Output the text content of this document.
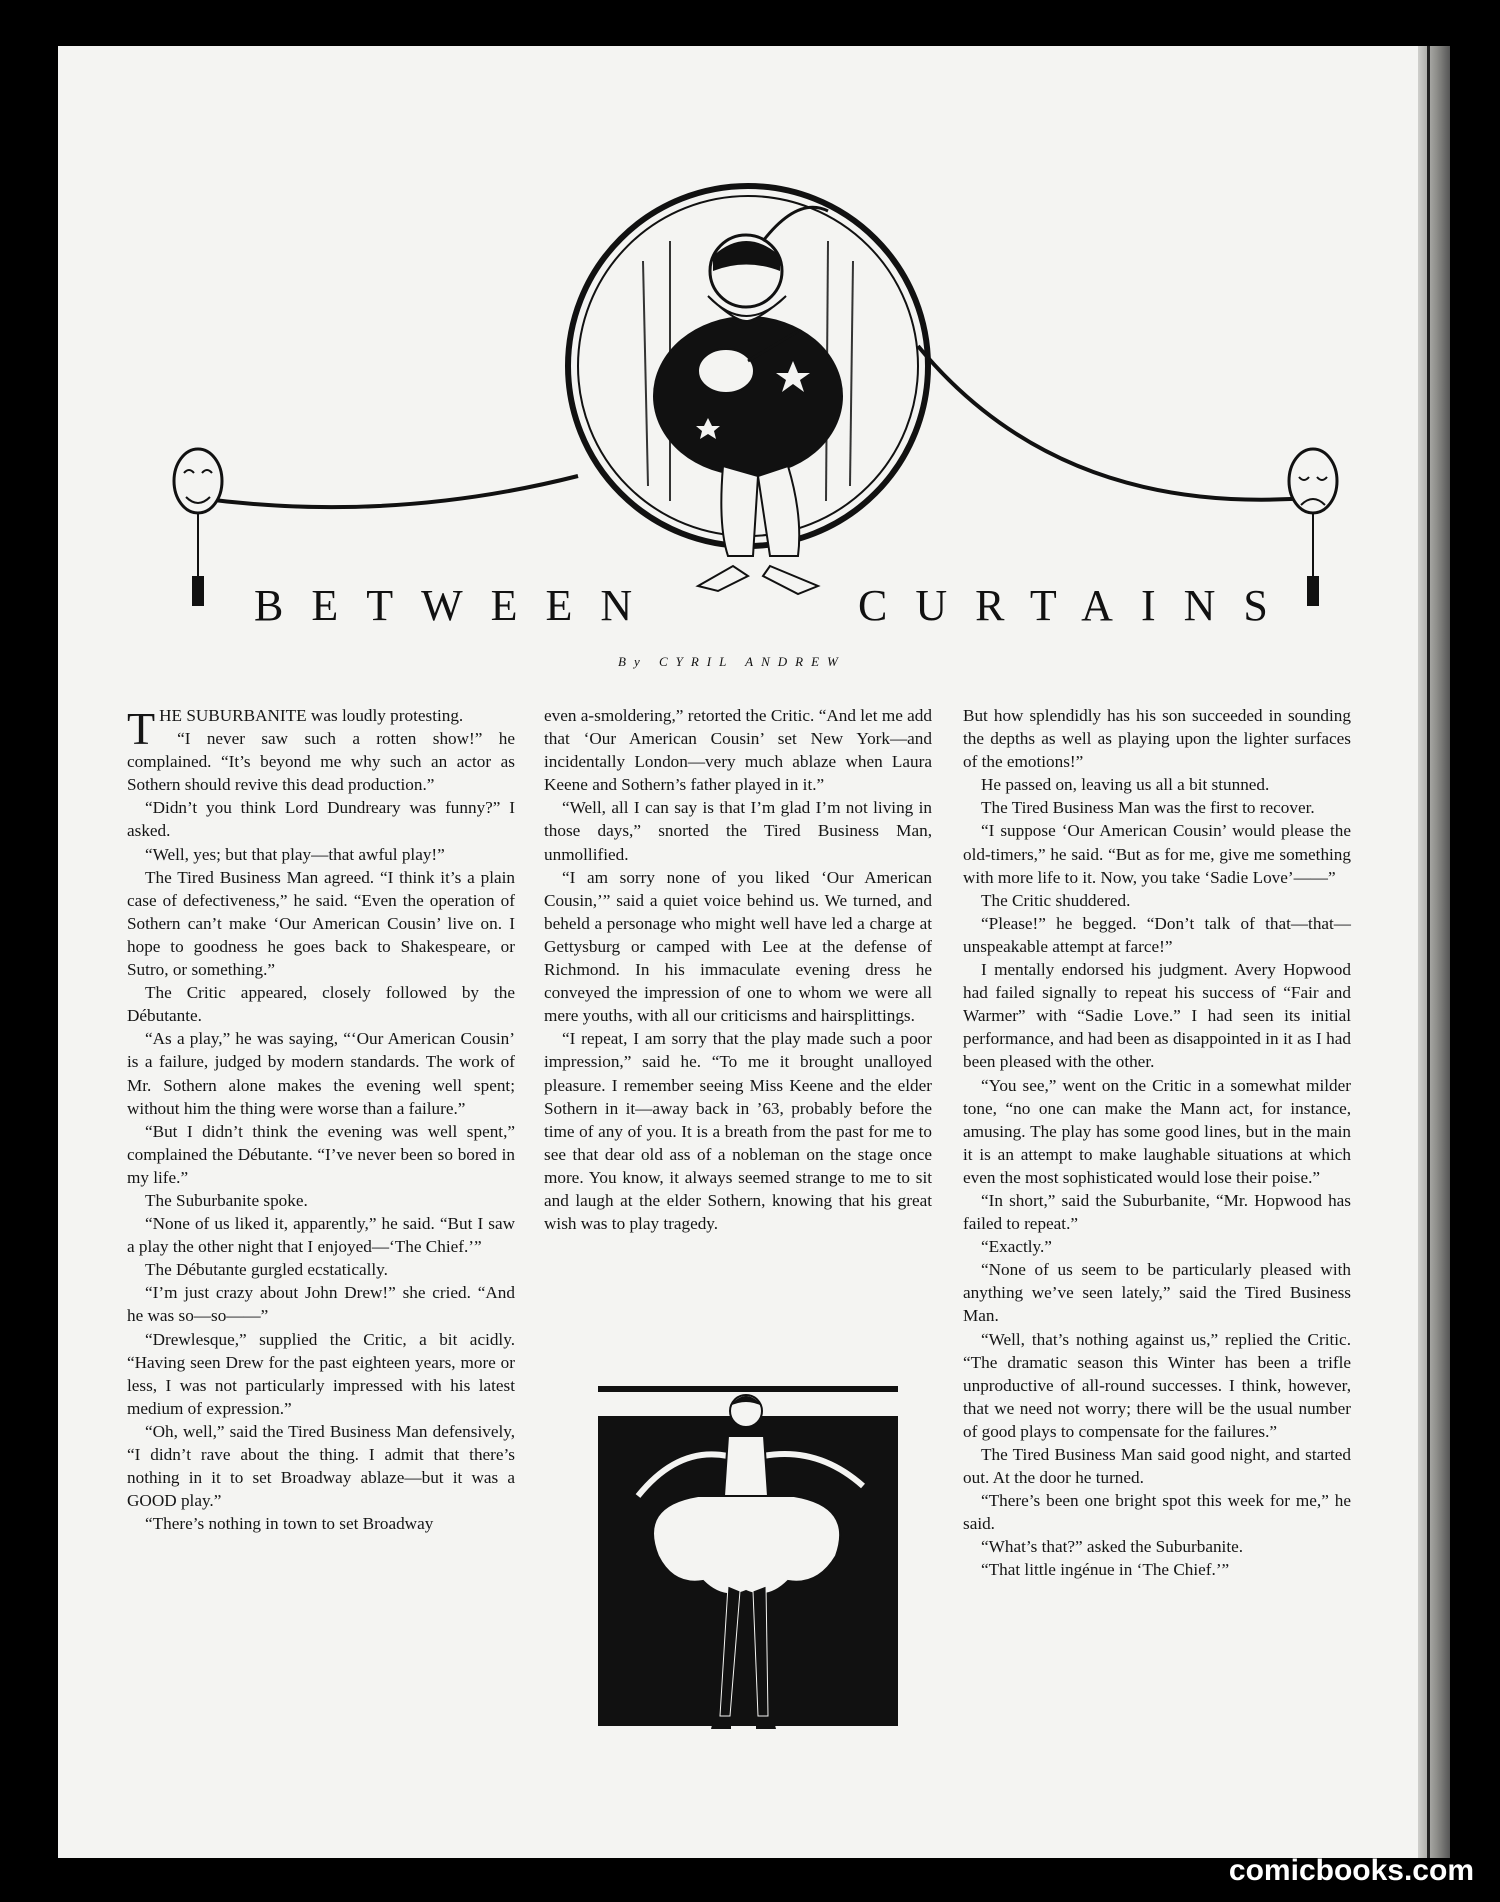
BETWEEN	CURTAINS
By CYRIL ANDREW

THE SUBURBANITE was loudly protesting.

“I never saw such a rotten show!” he complained. “It’s beyond me why such an actor as Sothern should revive this dead production.”

“Didn’t you think Lord Dundreary was funny?” I asked.

“Well, yes; but that play—that awful play!”

The Tired Business Man agreed. “I think it’s a plain case of defectiveness,” he said. “Even the operation of Sothern can’t make ‘Our American Cousin’ live on. I hope to goodness he goes back to Shakespeare, or Sutro, or something.”

The Critic appeared, closely followed by the Débutante.

“As a play,” he was saying, “‘Our American Cousin’ is a failure, judged by modern standards. The work of Mr. Sothern alone makes the evening well spent; without him the thing were worse than a failure.”

“But I didn’t think the evening was well spent,” complained the Débutante. “I’ve never been so bored in my life.”

The Suburbanite spoke.

“None of us liked it, apparently,” he said. “But I saw a play the other night that I enjoyed—‘The Chief.’”

The Débutante gurgled ecstatically.

“I’m just crazy about John Drew!” she cried. “And he was so—so——”

“Drewlesque,” supplied the Critic, a bit acidly. “Having seen Drew for the past eighteen years, more or less, I was not particularly impressed with his latest medium of expression.”

“Oh, well,” said the Tired Business Man defensively, “I didn’t rave about the thing. I admit that there’s nothing in it to set Broadway ablaze—but it was a GOOD play.”

“There’s nothing in town to set Broadway

even a-smoldering,” retorted the Critic. “And let me add that ‘Our American Cousin’ set New York—and incidentally London—very much ablaze when Laura Keene and Sothern’s father played in it.”

“Well, all I can say is that I’m glad I’m not living in those days,” snorted the Tired Business Man, unmollified.

“I am sorry none of you liked ‘Our American Cousin,’” said a quiet voice behind us. We turned, and beheld a personage who might well have led a charge at Gettysburg or camped with Lee at the defense of Richmond. In his immaculate evening dress he conveyed the impression of one to whom we were all mere youths, with all our criticisms and hairsplittings.

“I repeat, I am sorry that the play made such a poor impression,” said he. “To me it brought unalloyed pleasure. I remember seeing Miss Keene and the elder Sothern in it—away back in ’63, probably before the time of any of you. It is a breath from the past for me to see that dear old ass of a nobleman on the stage once more. You know, it always seemed strange to me to sit and laugh at the elder Sothern, knowing that his great wish was to play tragedy.

But how splendidly has his son succeeded in sounding the depths as well as playing upon the lighter surfaces of the emotions!”

He passed on, leaving us all a bit stunned.

The Tired Business Man was the first to recover.

“I suppose ‘Our American Cousin’ would please the old-timers,” he said. “But as for me, give me something with more life to it. Now, you take ‘Sadie Love’——”

The Critic shuddered.

“Please!” he begged. “Don’t talk of that—that—unspeakable attempt at farce!”

I mentally endorsed his judgment. Avery Hopwood had failed signally to repeat his success of “Fair and Warmer” with “Sadie Love.” I had seen its initial performance, and had been as disappointed in it as I had been pleased with the other.

“You see,” went on the Critic in a somewhat milder tone, “no one can make the Mann act, for instance, amusing. The play has some good lines, but in the main it is an attempt to make laughable situations at which even the most sophisticated would lose their poise.”

“In short,” said the Suburbanite, “Mr. Hopwood has failed to repeat.”

“Exactly.”

“None of us seem to be particularly pleased with anything we’ve seen lately,” said the Tired Business Man.

“Well, that’s nothing against us,” replied the Critic. “The dramatic season this Winter has been a trifle unproductive of all-round successes. I think, however, that we need not worry; there will be the usual number of good plays to compensate for the failures.”

The Tired Business Man said good night, and started out. At the door he turned.

“There’s been one bright spot this week for me,” he said.

“What’s that?” asked the Suburbanite.

“That little ingénue in ‘The Chief.’”

comicbooks.com
